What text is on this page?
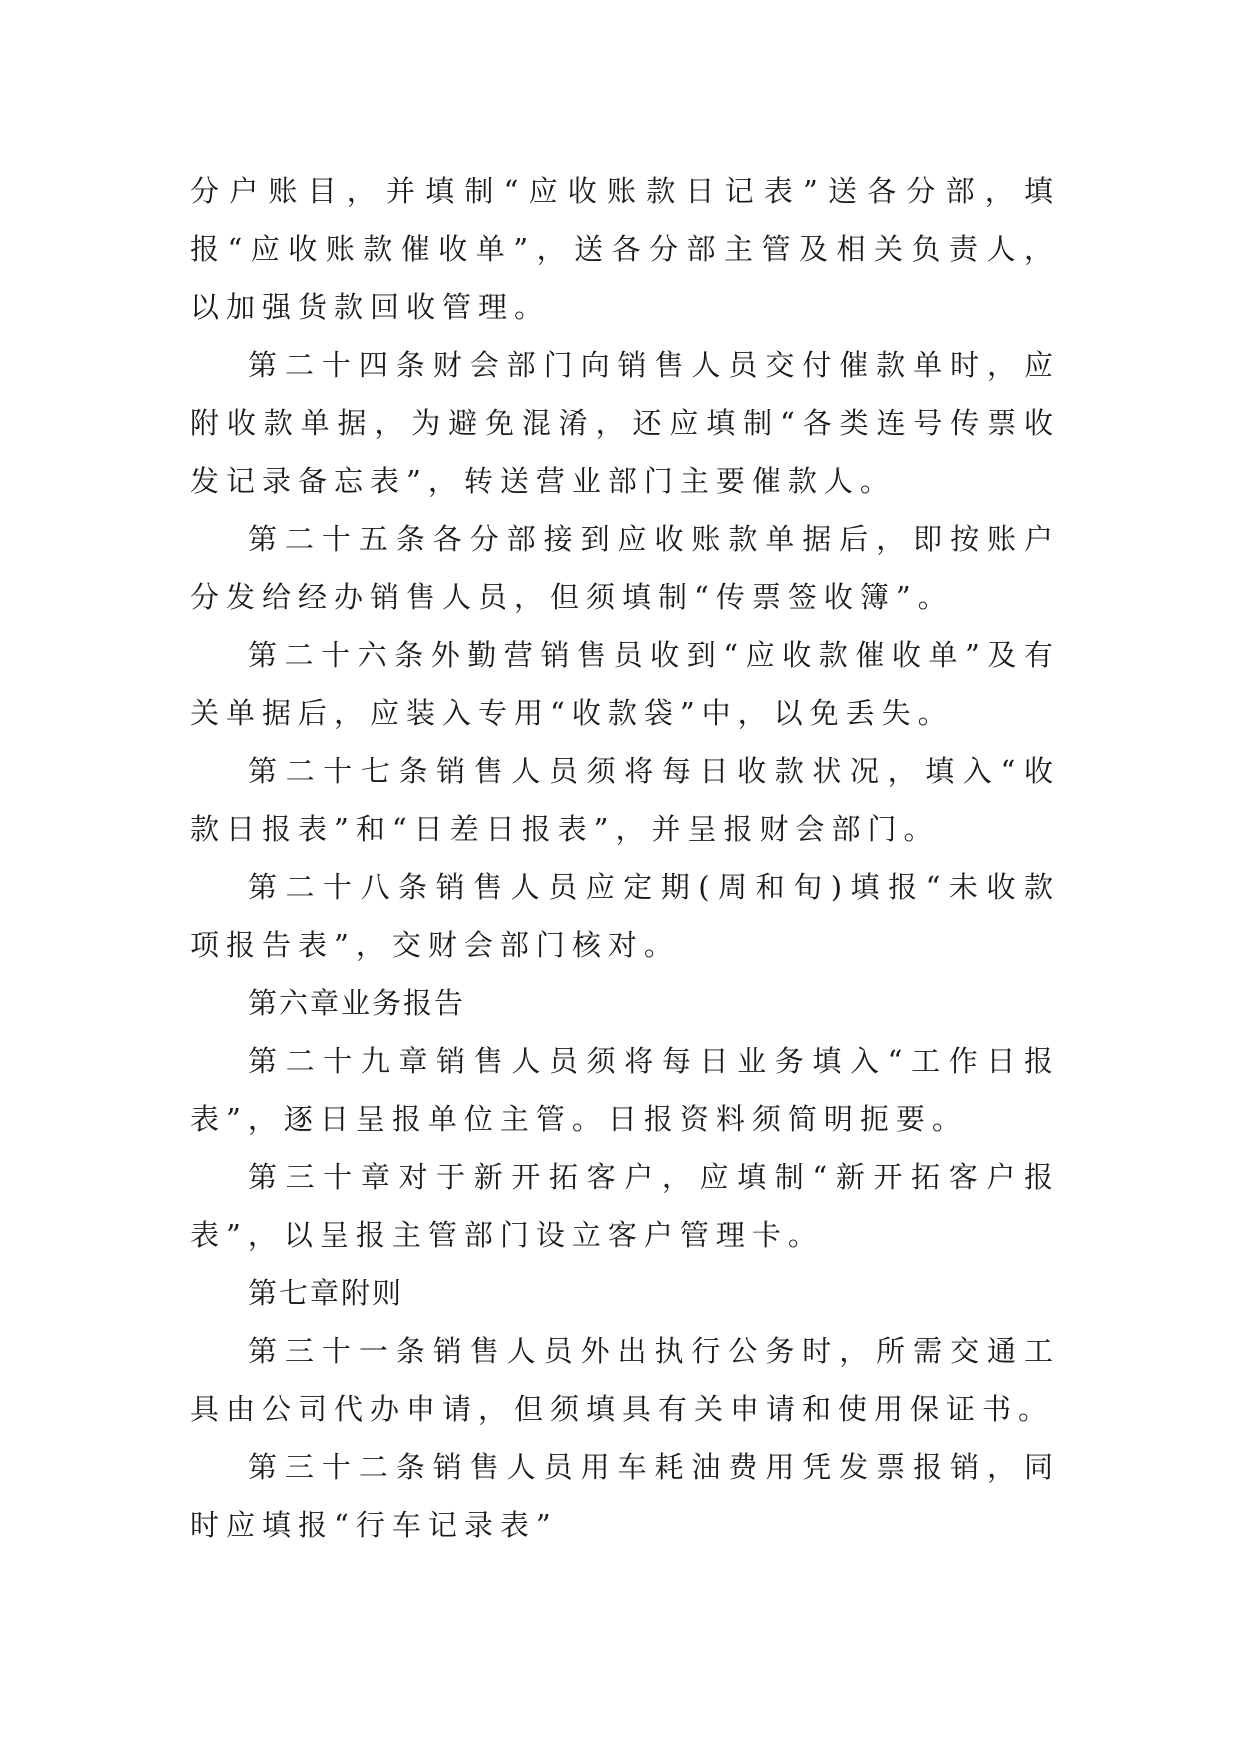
分户账目，并填制“应收账款日记表”送各分部，填报“应收账款催收单”，送各分部主管及相关负责人，以加强货款回收管理。

第二十四条财会部门向销售人员交付催款单时，应附收款单据，为避免混淆，还应填制“各类连号传票收发记录备忘表”，转送营业部门主要催款人。

第二十五条各分部接到应收账款单据后，即按账户分发给经办销售人员，但须填制“传票签收簿”。

第二十六条外勤营销售员收到“应收款催收单”及有关单据后，应装入专用“收款袋”中，以免丢失。

第二十七条销售人员须将每日收款状况，填入“收款日报表”和“日差日报表”，并呈报财会部门。

第二十八条销售人员应定期(周和旬)填报“未收款项报告表”，交财会部门核对。

第六章业务报告

第二十九章销售人员须将每日业务填入“工作日报表”，逐日呈报单位主管。日报资料须简明扼要。

第三十章对于新开拓客户，应填制“新开拓客户报表”，以呈报主管部门设立客户管理卡。

第七章附则

第三十一条销售人员外出执行公务时，所需交通工具由公司代办申请，但须填具有关申请和使用保证书。

第三十二条销售人员用车耗油费用凭发票报销，同时应填报“行车记录表”
